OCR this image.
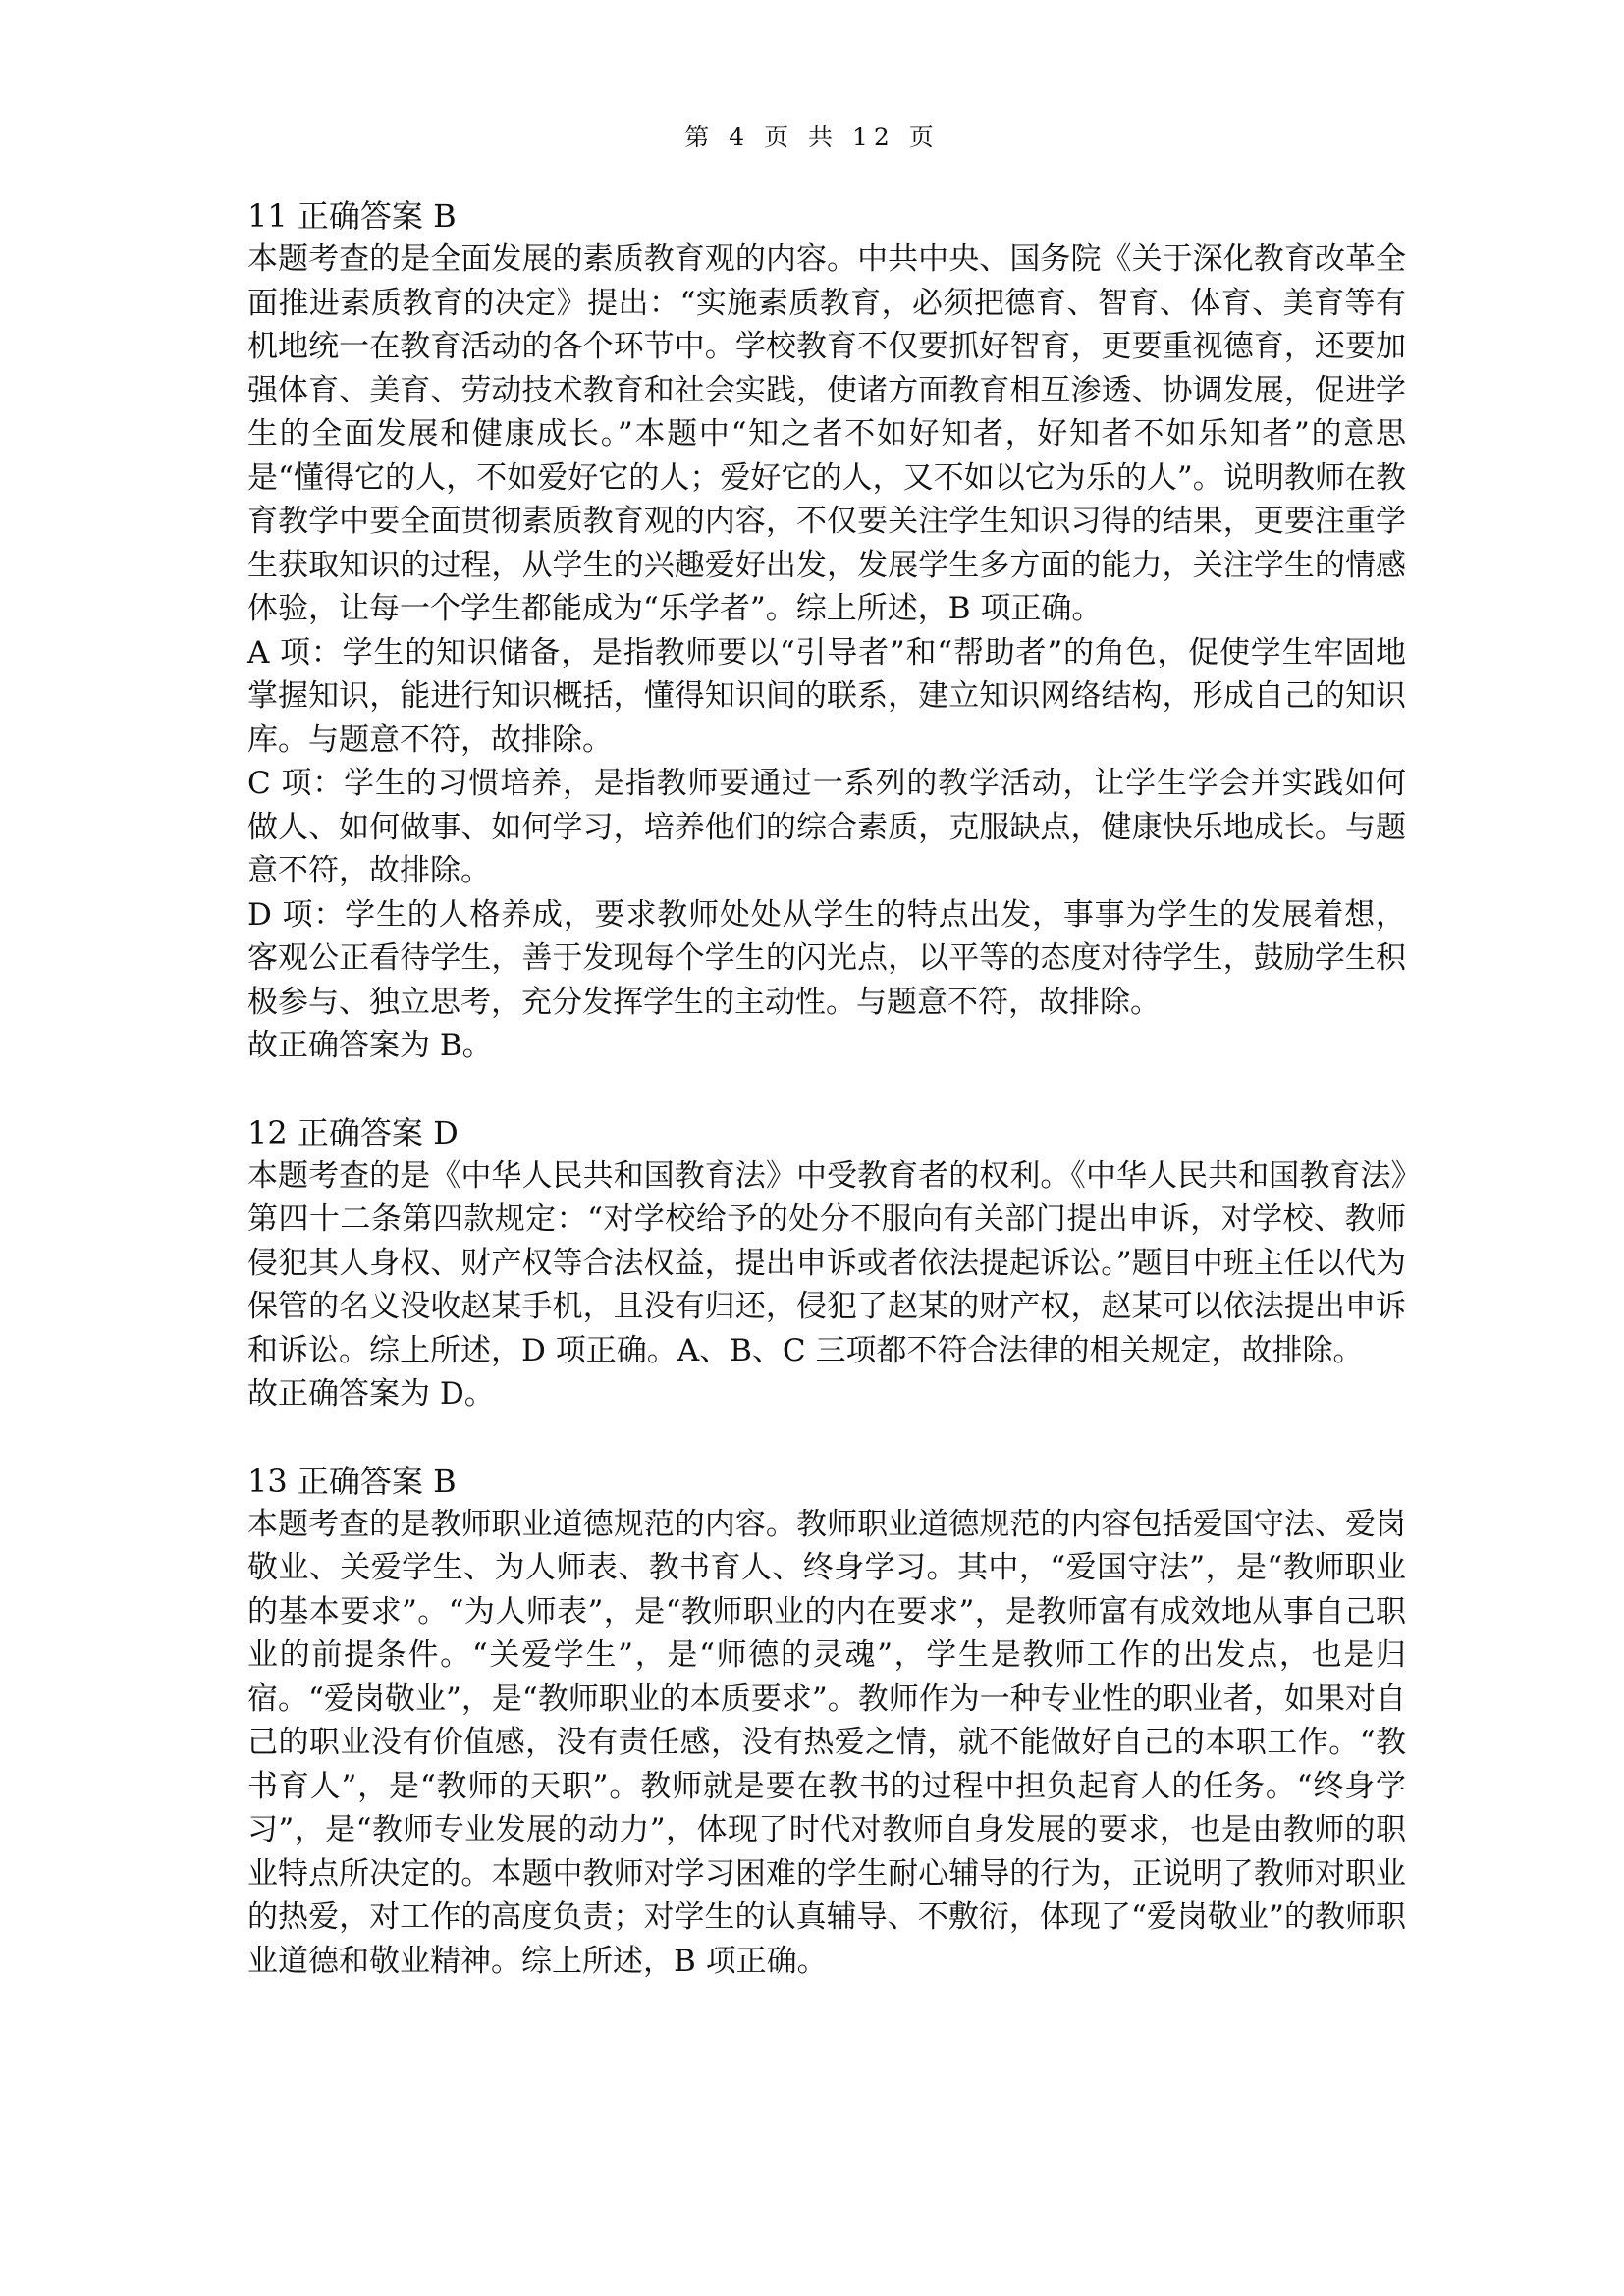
第 4 页 共 12 页
11 正确答案 B

本题考查的是全面发展的素质教育观的内容。中共中央、国务院《关于深化教育改革全面推进素质教育的决定》提出：“实施素质教育，必须把德育、智育、体育、美育等有机地统一在教育活动的各个环节中。学校教育不仅要抓好智育，更要重视德育，还要加强体育、美育、劳动技术教育和社会实践，使诸方面教育相互渗透、协调发展，促进学生的全面发展和健康成长。”本题中“知之者不如好知者，好知者不如乐知者”的意思是“懂得它的人，不如爱好它的人；爱好它的人，又不如以它为乐的人”。说明教师在教育教学中要全面贯彻素质教育观的内容，不仅要关注学生知识习得的结果，更要注重学生获取知识的过程，从学生的兴趣爱好出发，发展学生多方面的能力，关注学生的情感体验，让每一个学生都能成为“乐学者”。综上所述，B 项正确。

A 项：学生的知识储备，是指教师要以“引导者”和“帮助者”的角色，促使学生牢固地掌握知识，能进行知识概括，懂得知识间的联系，建立知识网络结构，形成自己的知识库。与题意不符，故排除。

C 项：学生的习惯培养，是指教师要通过一系列的教学活动，让学生学会并实践如何做人、如何做事、如何学习，培养他们的综合素质，克服缺点，健康快乐地成长。与题意不符，故排除。

D 项：学生的人格养成，要求教师处处从学生的特点出发，事事为学生的发展着想，客观公正看待学生，善于发现每个学生的闪光点，以平等的态度对待学生，鼓励学生积极参与、独立思考，充分发挥学生的主动性。与题意不符，故排除。

故正确答案为 B。

12 正确答案 D

本题考查的是《中华人民共和国教育法》中受教育者的权利。《中华人民共和国教育法》第四十二条第四款规定：“对学校给予的处分不服向有关部门提出申诉，对学校、教师侵犯其人身权、财产权等合法权益，提出申诉或者依法提起诉讼。”题目中班主任以代为保管的名义没收赵某手机，且没有归还，侵犯了赵某的财产权，赵某可以依法提出申诉和诉讼。综上所述，D 项正确。A、B、C 三项都不符合法律的相关规定，故排除。

故正确答案为 D。

13 正确答案 B

本题考查的是教师职业道德规范的内容。教师职业道德规范的内容包括爱国守法、爱岗敬业、关爱学生、为人师表、教书育人、终身学习。其中，“爱国守法”，是“教师职业的基本要求”。“为人师表”，是“教师职业的内在要求”，是教师富有成效地从事自己职业的前提条件。“关爱学生”，是“师德的灵魂”，学生是教师工作的出发点，也是归宿。“爱岗敬业”，是“教师职业的本质要求”。教师作为一种专业性的职业者，如果对自己的职业没有价值感，没有责任感，没有热爱之情，就不能做好自己的本职工作。“教书育人”，是“教师的天职”。教师就是要在教书的过程中担负起育人的任务。“终身学习”，是“教师专业发展的动力”，体现了时代对教师自身发展的要求，也是由教师的职业特点所决定的。本题中教师对学习困难的学生耐心辅导的行为，正说明了教师对职业的热爱，对工作的高度负责；对学生的认真辅导、不敷衍，体现了“爱岗敬业”的教师职业道德和敬业精神。综上所述，B 项正确。
